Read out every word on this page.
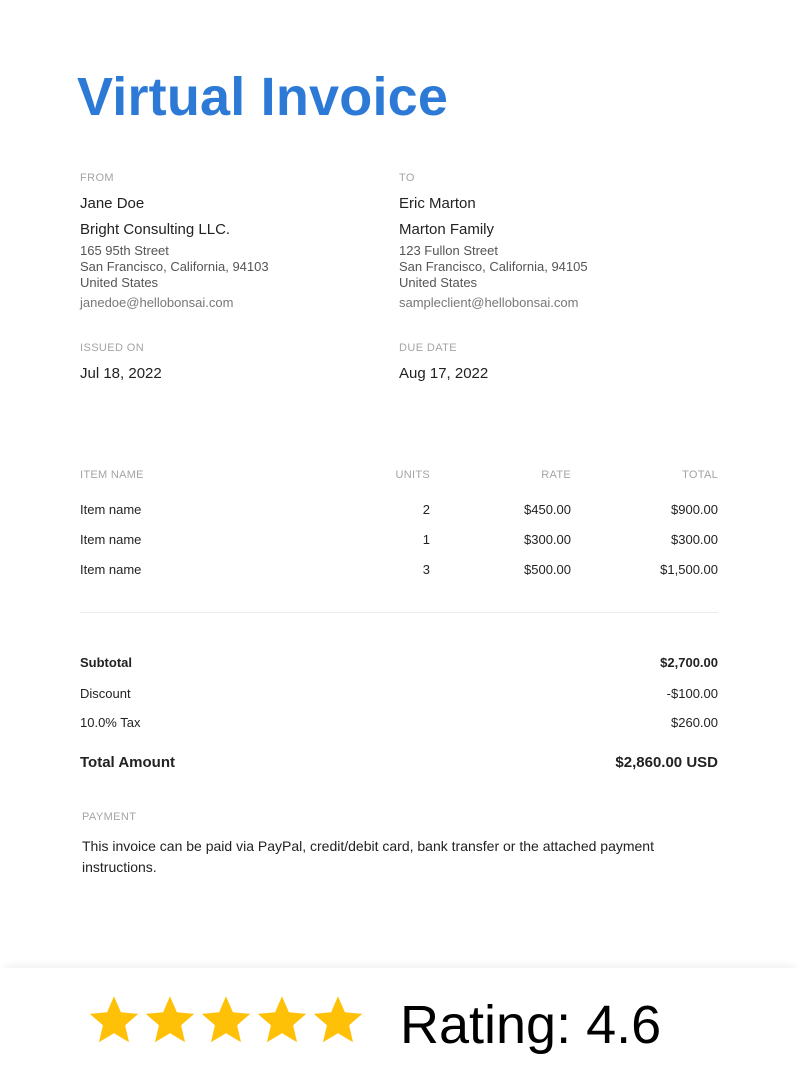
Virtual Invoice
FROM
Jane Doe
Bright Consulting LLC.
165 95th Street
San Francisco, California, 94103
United States
janedoe@hellobonsai.com
TO
Eric Marton
Marton Family
123 Fullon Street
San Francisco, California, 94105
United States
sampleclient@hellobonsai.com
ISSUED ON
Jul 18, 2022
DUE DATE
Aug 17, 2022
ITEM NAME	UNITS	RATE	TOTAL
Item name	2	$450.00	$900.00
Item name	1	$300.00	$300.00
Item name	3	$500.00	$1,500.00
Subtotal	$2,700.00
Discount	-$100.00
10.0% Tax	$260.00
Total Amount	$2,860.00 USD
PAYMENT
This invoice can be paid via PayPal, credit/debit card, bank transfer or the attached payment instructions.
Rating: 4.6
